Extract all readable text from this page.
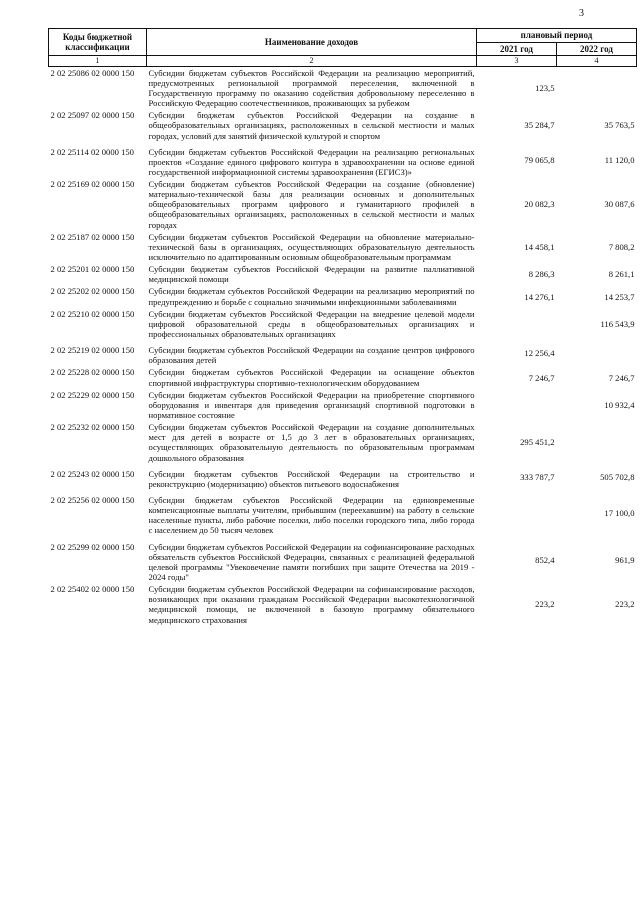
3
Коды бюджетной классификации	Наименование доходов	плановый период	
		2021 год	2022 год
1	2	3	4
2 02 25086 02 0000 150	Субсидии бюджетам субъектов Российской Федерации на реализацию мероприятий, предусмотренных региональной программой переселения, включенной в Государственную программу по оказанию содействия добровольному переселению в Российскую Федерацию соотечественников, проживающих за рубежом	123,5	
2 02 25097 02 0000 150	Субсидии бюджетам субъектов Российской Федерации на создание в общеобразовательных организациях, расположенных в сельской местности и малых городах, условий для занятий физической культурой и спортом	35 284,7	35 763,5
2 02 25114 02 0000 150	Субсидии бюджетам субъектов Российской Федерации на реализацию региональных проектов «Создание единого цифрового контура в здравоохранении на основе единой государственной информационной системы здравоохранения (ЕГИСЗ)»	79 065,8	11 120,0
2 02 25169 02 0000 150	Субсидии бюджетам субъектов Российской Федерации на создание (обновление) материально-технической базы для реализации основных и дополнительных общеобразовательных программ цифрового и гуманитарного профилей в общеобразовательных организациях, расположенных в сельской местности и малых городах	20 082,3	30 087,6
2 02 25187 02 0000 150	Субсидии бюджетам субъектов Российской Федерации на обновление материально-технической базы в организациях, осуществляющих образовательную деятельность исключительно по адаптированным основным общеобразовательным программам	14 458,1	7 808,2
2 02 25201 02 0000 150	Субсидии бюджетам субъектов Российской Федерации на развитие паллиативной медицинской помощи	8 286,3	8 261,1
2 02 25202 02 0000 150	Субсидии бюджетам субъектов Российской Федерации на реализацию мероприятий по предупреждению и борьбе с социально значимыми инфекционными заболеваниями	14 276,1	14 253,7
2 02 25210 02 0000 150	Субсидии бюджетам субъектов Российской Федерации на внедрение целевой модели цифровой образовательной среды в общеобразовательных организациях и профессиональных образовательных организациях		116 543,9
2 02 25219 02 0000 150	Субсидии бюджетам субъектов Российской Федерации на создание центров цифрового образования детей	12 256,4	
2 02 25228 02 0000 150	Субсидии бюджетам субъектов Российской Федерации на оснащение объектов спортивной инфраструктуры спортивно-технологическим оборудованием	7 246,7	7 246,7
2 02 25229 02 0000 150	Субсидии бюджетам субъектов Российской Федерации на приобретение спортивного оборудования и инвентаря для приведения организаций спортивной подготовки в нормативное состояние		10 932,4
2 02 25232 02 0000 150	Субсидии бюджетам субъектов Российской Федерации на создание дополнительных мест для детей в возрасте от 1,5 до 3 лет в образовательных организациях, осуществляющих образовательную деятельность по образовательным программам дошкольного образования	295 451,2	
2 02 25243 02 0000 150	Субсидии бюджетам субъектов Российской Федерации на строительство и реконструкцию (модернизацию) объектов питьевого водоснабжения	333 787,7	505 702,8
2 02 25256 02 0000 150	Субсидии бюджетам субъектов Российской Федерации на единовременные компенсационные выплаты учителям, прибывшим (переехавшим) на работу в сельские населенные пункты, либо рабочие поселки, либо поселки городского типа, либо города с населением до 50 тысяч человек		17 100,0
2 02 25299 02 0000 150	Субсидии бюджетам субъектов Российской Федерации на софинансирование расходных обязательств субъектов Российской Федерации, связанных с реализацией федеральной целевой программы "Увековечение памяти погибших при защите Отечества на 2019 - 2024 годы"	852,4	961,9
2 02 25402 02 0000 150	Субсидии бюджетам субъектов Российской Федерации на софинансирование расходов, возникающих при оказании гражданам Российской Федерации высокотехнологичной медицинской помощи, не включенной в базовую программу обязательного медицинского страхования	223,2	223,2
